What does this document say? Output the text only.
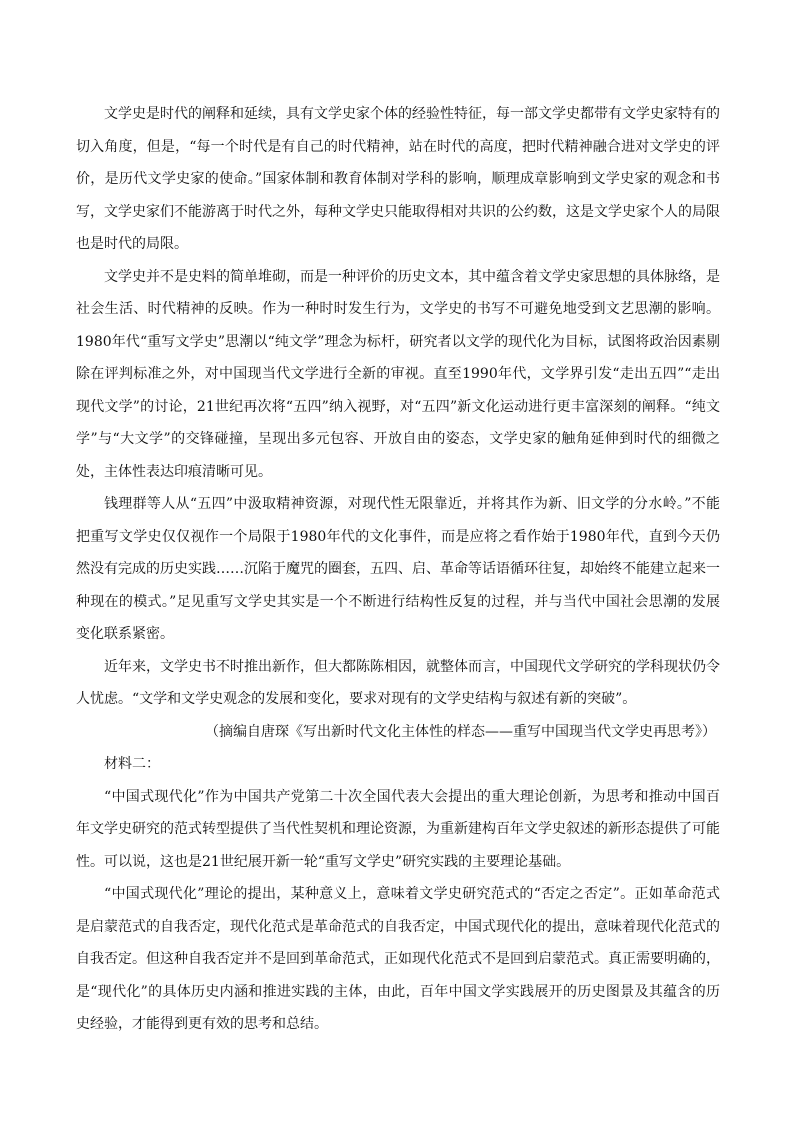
文学史是时代的阐释和延续，具有文学史家个体的经验性特征，每一部文学史都带有文学史家特有的切入角度，但是，“每一个时代是有自己的时代精神，站在时代的高度，把时代精神融合进对文学史的评价，是历代文学史家的使命。”国家体制和教育体制对学科的影响，顺理成章影响到文学史家的观念和书写，文学史家们不能游离于时代之外，每种文学史只能取得相对共识的公约数，这是文学史家个人的局限也是时代的局限。

文学史并不是史料的简单堆砌，而是一种评价的历史文本，其中蕴含着文学史家思想的具体脉络，是社会生活、时代精神的反映。作为一种时时发生行为，文学史的书写不可避免地受到文艺思潮的影响。1980年代“重写文学史”思潮以“纯文学”理念为标杆，研究者以文学的现代化为目标，试图将政治因素剔除在评判标准之外，对中国现当代文学进行全新的审视。直至1990年代，文学界引发“走出五四”“走出现代文学”的讨论，21世纪再次将“五四”纳入视野，对“五四”新文化运动进行更丰富深刻的阐释。“纯文学”与“大文学”的交锋碰撞，呈现出多元包容、开放自由的姿态，文学史家的触角延伸到时代的细微之处，主体性表达印痕清晰可见。

钱理群等人从“五四”中汲取精神资源，对现代性无限靠近，并将其作为新、旧文学的分水岭。”不能把重写文学史仅仅视作一个局限于1980年代的文化事件，而是应将之看作始于1980年代，直到今天仍然没有完成的历史实践……沉陷于魔咒的圈套，五四、启、革命等话语循环往复，却始终不能建立起来一种现在的模式。”足见重写文学史其实是一个不断进行结构性反复的过程，并与当代中国社会思潮的发展变化联系紧密。

近年来，文学史书不时推出新作，但大都陈陈相因，就整体而言，中国现代文学研究的学科现状仍令人忧虑。“文学和文学史观念的发展和变化，要求对现有的文学史结构与叙述有新的突破”。

（摘编自唐琛《写出新时代文化主体性的样态——重写中国现当代文学史再思考》）

材料二：

“中国式现代化”作为中国共产党第二十次全国代表大会提出的重大理论创新，为思考和推动中国百年文学史研究的范式转型提供了当代性契机和理论资源，为重新建构百年文学史叙述的新形态提供了可能性。可以说，这也是21世纪展开新一轮“重写文学史”研究实践的主要理论基础。

“中国式现代化”理论的提出，某种意义上，意味着文学史研究范式的“否定之否定”。正如革命范式是启蒙范式的自我否定，现代化范式是革命范式的自我否定，中国式现代化的提出，意味着现代化范式的自我否定。但这种自我否定并不是回到革命范式，正如现代化范式不是回到启蒙范式。真正需要明确的，是“现代化”的具体历史内涵和推进实践的主体，由此，百年中国文学实践展开的历史图景及其蕴含的历史经验，才能得到更有效的思考和总结。
